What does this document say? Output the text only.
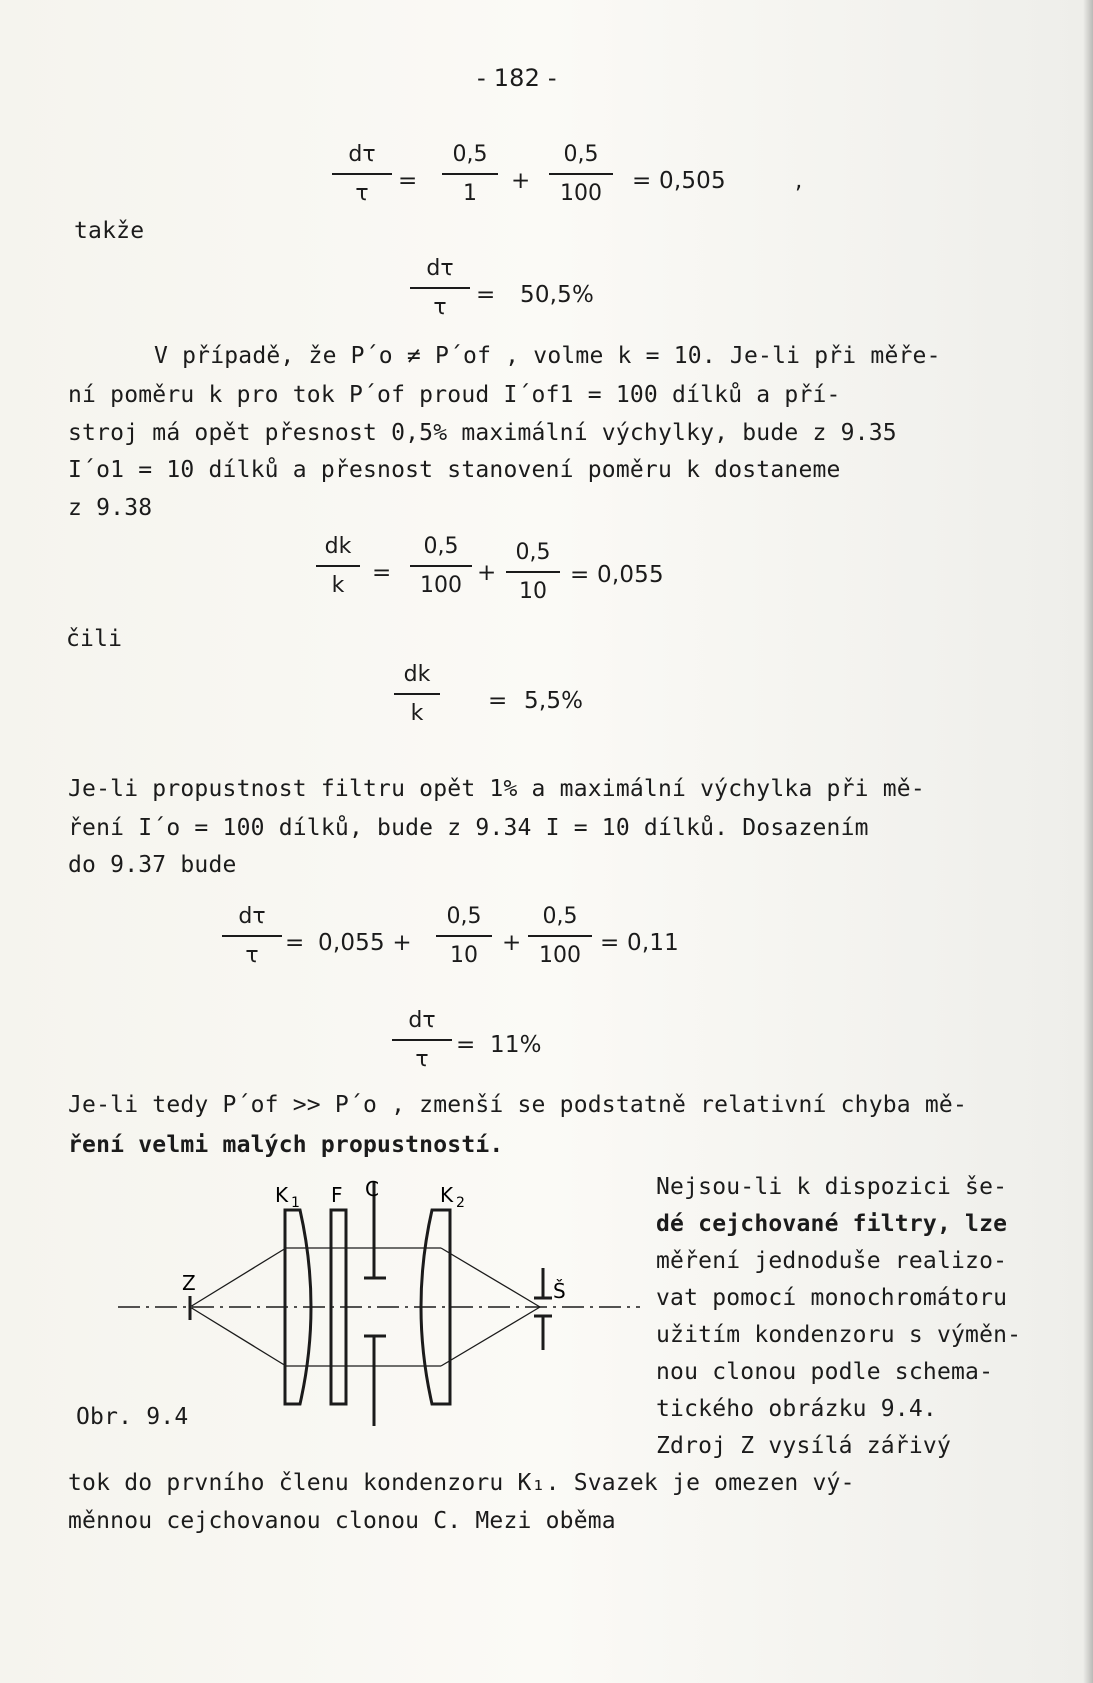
- 182 -
dτ
τ =
0,5
1 +
0,5
100 = 0,505	,
takže
dτ
τ = 50,5%
V případě, že P´o ≠ P´of , volme k = 10. Je-li při měře-
ní poměru k pro tok P´of proud I´of1 = 100 dílků a pří-
stroj má opět přesnost 0,5% maximální výchylky, bude z 9.35
I´o1 = 10 dílků a přesnost stanovení poměru k dostaneme
z 9.38
dk
k =
0,5
100 +
0,5
10
= 0,055
čili
dk
k	= 5,5%
Je-li propustnost filtru opět 1% a maximální výchylka při mě-
ření I´o = 100 dílků, bude z 9.34 I = 10 dílků. Dosazením
do 9.37 bude
dτ
τ = 0,055 +
0,5
10 +
0,5
100 = 0,11
dτ
τ
= 11%
Je-li tedy P´of >> P´o , zmenší se podstatně relativní chyba mě-
ření velmi malých propustností.
C
K 1 F	K 2
Z	Š
Obr. 9.4
Nejsou-li k dispozici še-
dé cejchované filtry, lze
měření jednoduše realizo-
vat pomocí monochromátoru
užitím kondenzoru s výměn-
nou clonou podle schema-
tického obrázku 9.4.
Zdroj Z vysílá zářivý
tok do prvního členu kondenzoru K₁. Svazek je omezen vý-
měnnou cejchovanou clonou C. Mezi oběma
